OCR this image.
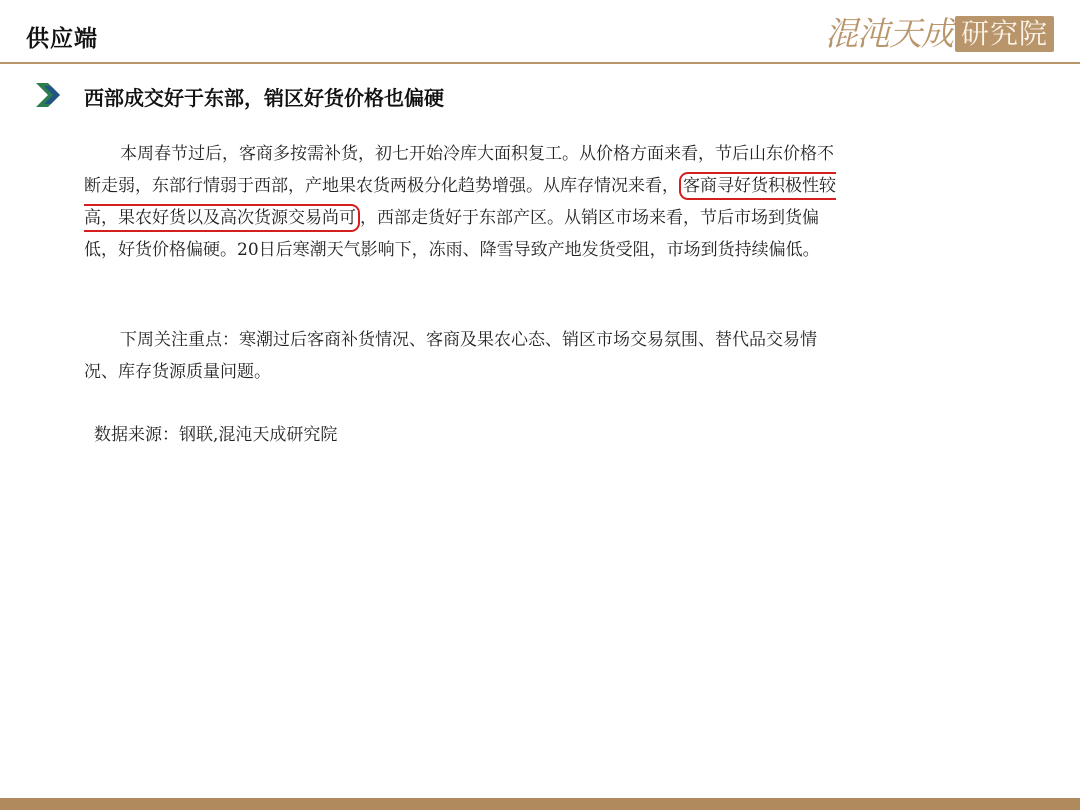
供应端	混沌天成 研究院
西部成交好于东部，销区好货价格也偏硬

本周春节过后，客商多按需补货，初七开始冷库大面积复工。从价格方面来看，节后山东价格不断走弱，东部行情弱于西部，产地果农货两极分化趋势增强。从库存情况来看， 客商寻好货积极性较高，果农好货以及高次货源交易尚可 ，西部走货好于东部产区。从销区市场来看，节后市场到货偏低，好货价格偏硬。20日后寒潮天气影响下，冻雨、降雪导致产地发货受阻，市场到货持续偏低。

下周关注重点：寒潮过后客商补货情况、客商及果农心态、销区市场交易氛围、替代品交易情况、库存货源质量问题。

数据来源：钢联,混沌天成研究院
